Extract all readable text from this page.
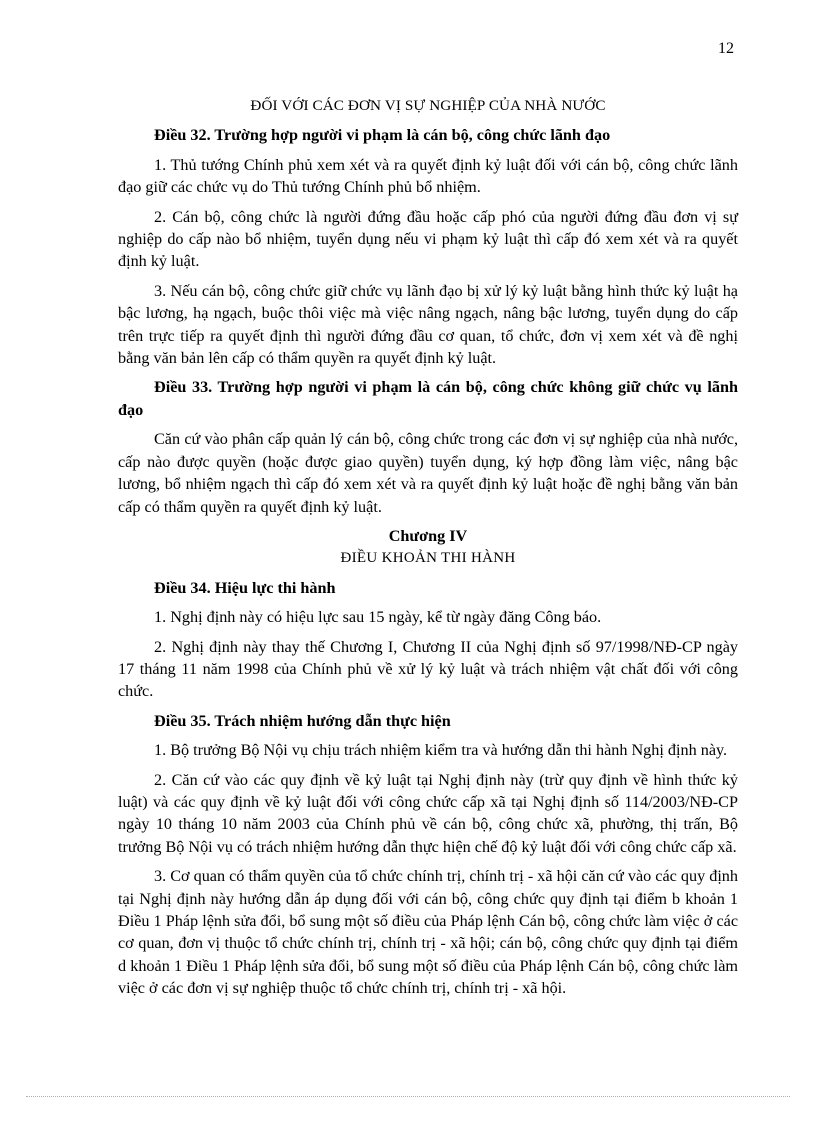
12

ĐỐI VỚI CÁC ĐƠN VỊ SỰ NGHIỆP CỦA NHÀ NƯỚC

Điều 32. Trường hợp người vi phạm là cán bộ, công chức lãnh đạo

1. Thủ tướng Chính phủ xem xét và ra quyết định kỷ luật đối với cán bộ, công chức lãnh đạo giữ các chức vụ do Thủ tướng Chính phủ bổ nhiệm.

2. Cán bộ, công chức là người đứng đầu hoặc cấp phó của người đứng đầu đơn vị sự nghiệp do cấp nào bổ nhiệm, tuyển dụng nếu vi phạm kỷ luật thì cấp đó xem xét và ra quyết định kỷ luật.

3. Nếu cán bộ, công chức giữ chức vụ lãnh đạo bị xử lý kỷ luật bằng hình thức kỷ luật hạ bậc lương, hạ ngạch, buộc thôi việc mà việc nâng ngạch, nâng bậc lương, tuyển dụng do cấp trên trực tiếp ra quyết định thì người đứng đầu cơ quan, tổ chức, đơn vị xem xét và đề nghị bằng văn bản lên cấp có thẩm quyền ra quyết định kỷ luật.

Điều 33. Trường hợp người vi phạm là cán bộ, công chức không giữ chức vụ lãnh đạo

Căn cứ vào phân cấp quản lý cán bộ, công chức trong các đơn vị sự nghiệp của nhà nước, cấp nào được quyền (hoặc được giao quyền) tuyển dụng, ký hợp đồng làm việc, nâng bậc lương, bổ nhiệm ngạch thì cấp đó xem xét và ra quyết định kỷ luật hoặc đề nghị bằng văn bản cấp có thẩm quyền ra quyết định kỷ luật.

Chương IV

ĐIỀU KHOẢN THI HÀNH

Điều 34. Hiệu lực thi hành

1. Nghị định này có hiệu lực sau 15 ngày, kể từ ngày đăng Công báo.

2. Nghị định này thay thế Chương I, Chương II của Nghị định số 97/1998/NĐ-CP ngày 17 tháng 11 năm 1998 của Chính phủ về xử lý kỷ luật và trách nhiệm vật chất đối với công chức.

Điều 35. Trách nhiệm hướng dẫn thực hiện

1. Bộ trưởng Bộ Nội vụ chịu trách nhiệm kiểm tra và hướng dẫn thi hành Nghị định này.

2. Căn cứ vào các quy định về kỷ luật tại Nghị định này (trừ quy định về hình thức kỷ luật) và các quy định về kỷ luật đối với công chức cấp xã tại Nghị định số 114/2003/NĐ-CP ngày 10 tháng 10 năm 2003 của Chính phủ về cán bộ, công chức xã, phường, thị trấn, Bộ trưởng Bộ Nội vụ có trách nhiệm hướng dẫn thực hiện chế độ kỷ luật đối với công chức cấp xã.

3. Cơ quan có thẩm quyền của tổ chức chính trị, chính trị - xã hội căn cứ vào các quy định tại Nghị định này hướng dẫn áp dụng đối với cán bộ, công chức quy định tại điểm b khoản 1 Điều 1 Pháp lệnh sửa đổi, bổ sung một số điều của Pháp lệnh Cán bộ, công chức làm việc ở các cơ quan, đơn vị thuộc tổ chức chính trị, chính trị - xã hội; cán bộ, công chức quy định tại điểm d khoản 1 Điều 1 Pháp lệnh sửa đổi, bổ sung một số điều của Pháp lệnh Cán bộ, công chức làm việc ở các đơn vị sự nghiệp thuộc tổ chức chính trị, chính trị - xã hội.
